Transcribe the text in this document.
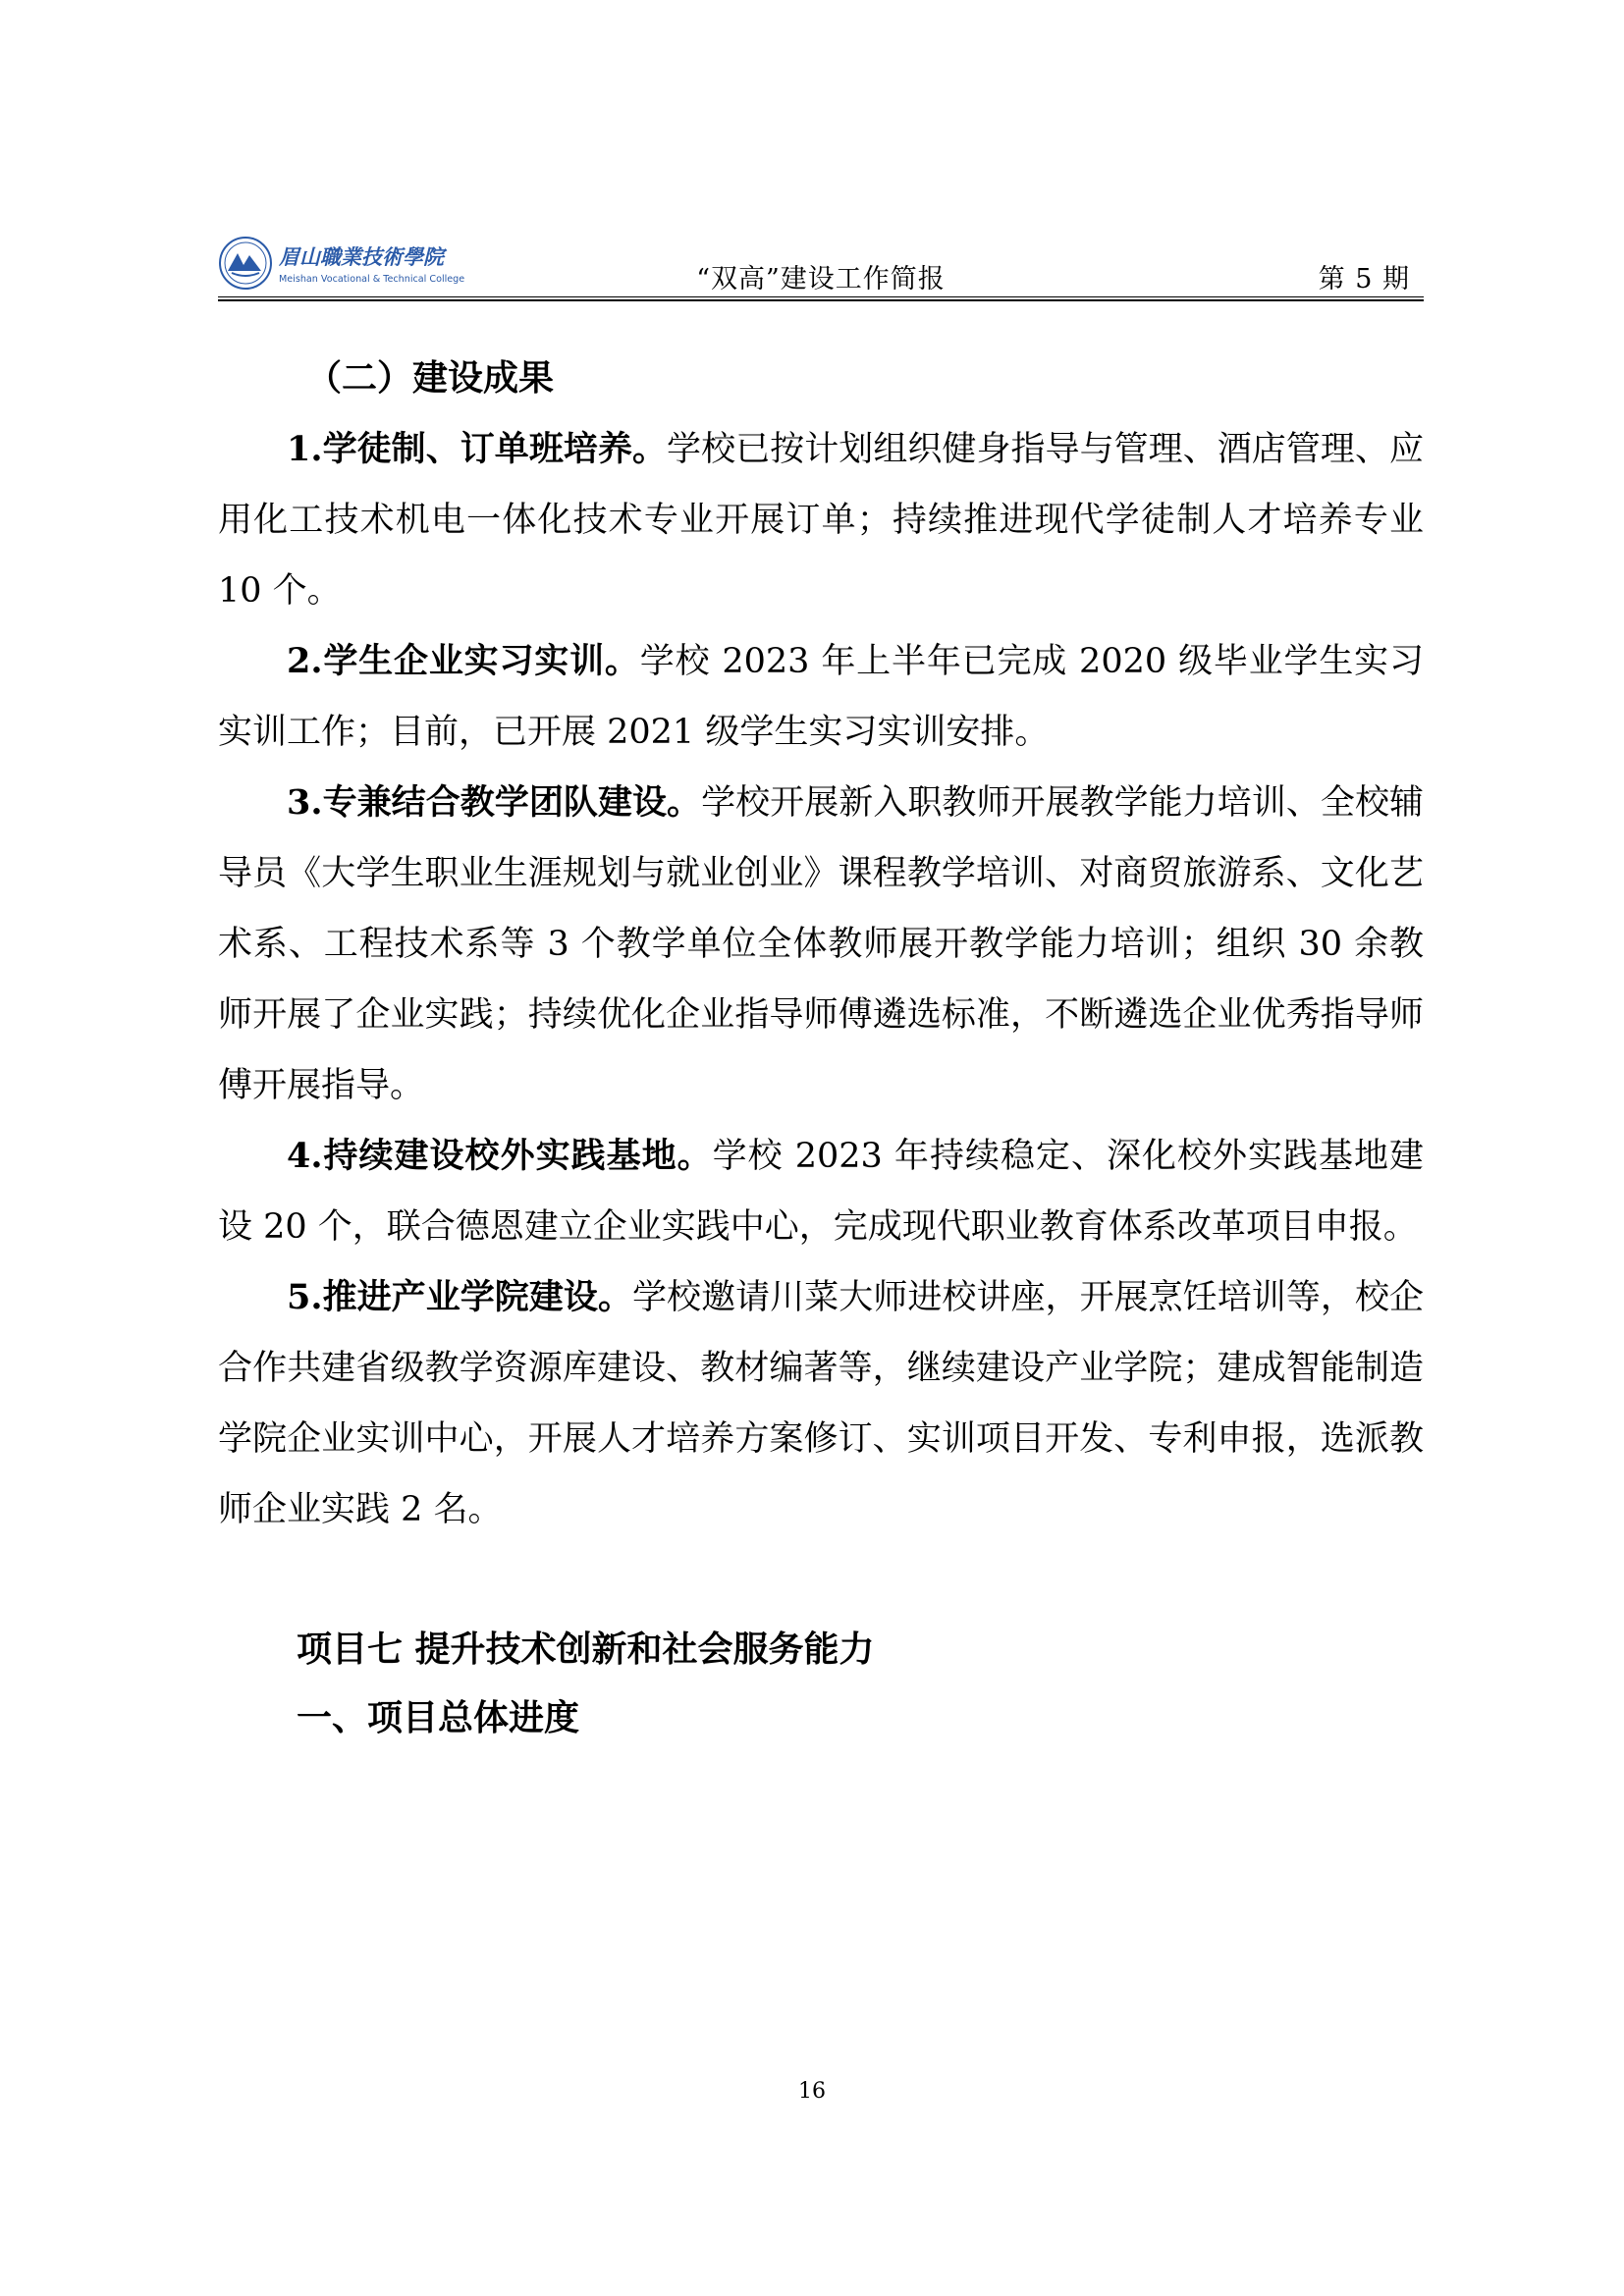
眉山職業技術學院
Meishan Vocational & Technical College	“双高”建设工作简报	第 5 期
（二）建设成果

1.学徒制、订单班培养。学校已按计划组织健身指导与管理、酒店管理、应用化工技术机电一体化技术专业开展订单；持续推进现代学徒制人才培养专业 10 个。

2.学生企业实习实训。学校 2023 年上半年已完成 2020 级毕业学生实习实训工作；目前，已开展 2021 级学生实习实训安排。

3.专兼结合教学团队建设。学校开展新入职教师开展教学能力培训、全校辅导员《大学生职业生涯规划与就业创业》课程教学培训、对商贸旅游系、文化艺术系、工程技术系等 3 个教学单位全体教师展开教学能力培训；组织 30 余教师开展了企业实践；持续优化企业指导师傅遴选标准，不断遴选企业优秀指导师傅开展指导。

4.持续建设校外实践基地。学校 2023 年持续稳定、深化校外实践基地建设 20 个，联合德恩建立企业实践中心，完成现代职业教育体系改革项目申报。

5.推进产业学院建设。学校邀请川菜大师进校讲座，开展烹饪培训等，校企合作共建省级教学资源库建设、教材编著等，继续建设产业学院；建成智能制造学院企业实训中心，开展人才培养方案修订、实训项目开发、专利申报，选派教师企业实践 2 名。

项目七 提升技术创新和社会服务能力
一、项目总体进度
16
